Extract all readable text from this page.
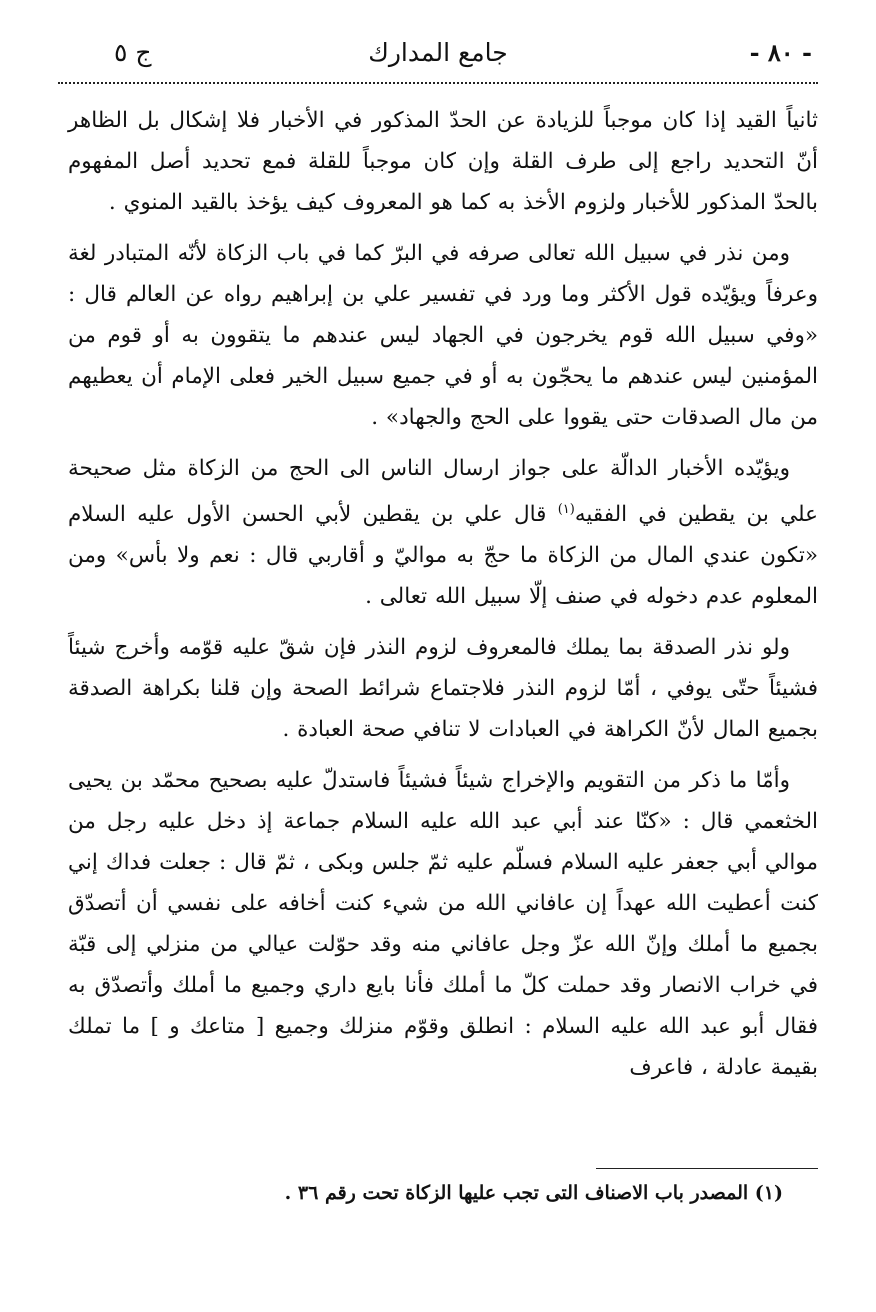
- ٨٠ -
جامع المدارك
ج ٥

ثانياً القيد إذا كان موجباً للزيادة عن الحدّ المذكور في الأخبار فلا إشكال بل الظاهر أنّ التحديد راجع إلى طرف القلة وإن كان موجباً للقلة فمع تحديد أصل المفهوم بالحدّ المذكور للأخبار ولزوم الأخذ به كما هو المعروف كيف يؤخذ بالقيد المنوي .

ومن نذر في سبيل الله تعالى صرفه في البرّ كما في باب الزكاة لأنّه المتبادر لغة وعرفاً ويؤيّده قول الأكثر وما ورد في تفسير علي بن إبراهيم رواه عن العالم قال : «وفي سبيل الله قوم يخرجون في الجهاد ليس عندهم ما يتقوون به أو قوم من المؤمنين ليس عندهم ما يحجّون به أو في جميع سبيل الخير فعلى الإمام أن يعطيهم من مال الصدقات حتى يقووا على الحج والجهاد» .

ويؤيّده الأخبار الدالّة على جواز ارسال الناس الى الحج من الزكاة مثل صحيحة علي بن يقطين في الفقيه$^{(١)}$ قال علي بن يقطين لأبي الحسن الأول عليه السلام «تكون عندي المال من الزكاة ما حجّ به مواليّ و أقاربي قال : نعم ولا بأس» ومن المعلوم عدم دخوله في صنف إلّا سبيل الله تعالى .

ولو نذر الصدقة بما يملك فالمعروف لزوم النذر فإن شقّ عليه قوّمه وأخرج شيئاً فشيئاً حتّى يوفي ، أمّا لزوم النذر فلاجتماع شرائط الصحة وإن قلنا بكراهة الصدقة بجميع المال لأنّ الكراهة في العبادات لا تنافي صحة العبادة .

وأمّا ما ذكر من التقويم والإخراج شيئاً فشيئاً فاستدلّ عليه بصحيح محمّد بن يحيى الخثعمي قال : «كنّا عند أبي عبد الله عليه السلام جماعة إذ دخل عليه رجل من موالي أبي جعفر عليه السلام فسلّم عليه ثمّ جلس وبكى ، ثمّ قال : جعلت فداك إني كنت أعطيت الله عهداً إن عافاني الله من شيء كنت أخافه على نفسي أن أتصدّق بجميع ما أملك وإنّ الله عزّ وجل عافاني منه وقد حوّلت عيالي من منزلي إلى قبّة في خراب الانصار وقد حملت كلّ ما أملك فأنا بايع داري وجميع ما أملك وأتصدّق به فقال أبو عبد الله عليه السلام : انطلق وقوّم منزلك وجميع [ متاعك و ] ما تملك بقيمة عادلة ، فاعرف

(١) المصدر باب الاصناف التى تجب عليها الزكاة تحت رقم ٣٦ .
